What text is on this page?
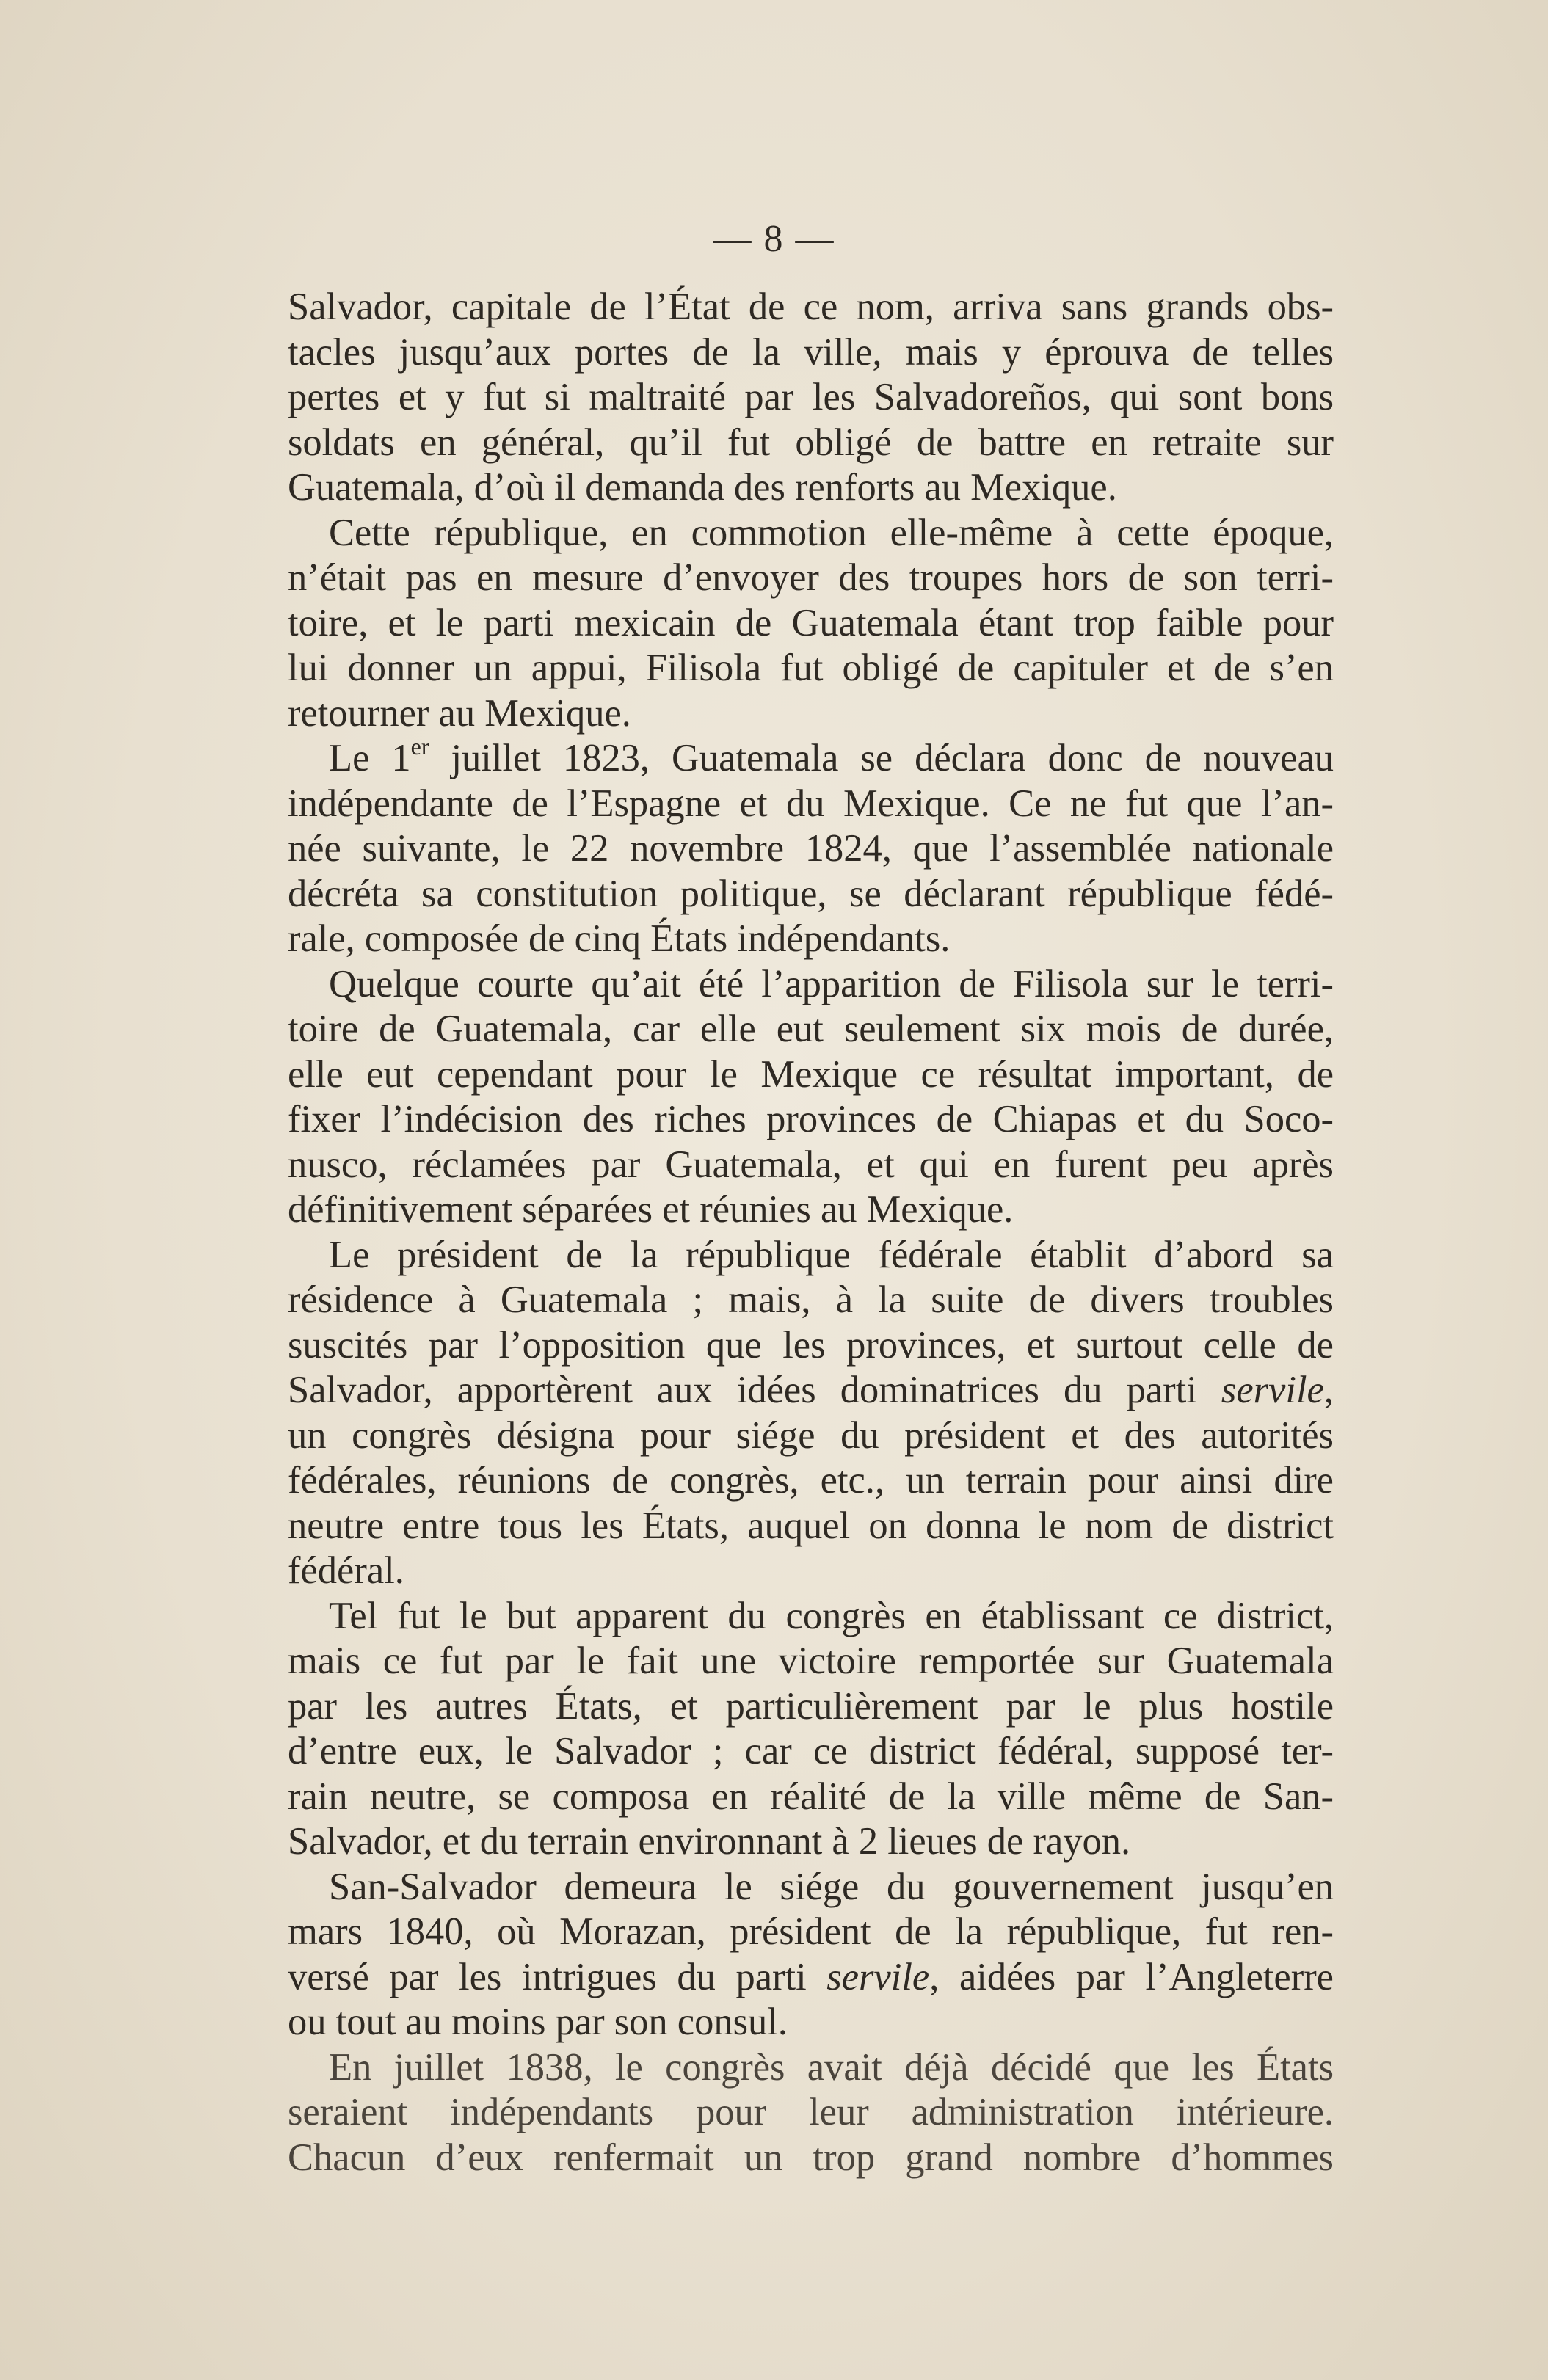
— 8 —
Salvador, capitale de l’État de ce nom, arriva sans grands obs-
tacles jusqu’aux portes de la ville, mais y éprouva de telles
pertes et y fut si maltraité par les Salvadoreños, qui sont bons
soldats en général, qu’il fut obligé de battre en retraite sur
Guatemala, d’où il demanda des renforts au Mexique.
Cette république, en commotion elle-même à cette époque,
n’était pas en mesure d’envoyer des troupes hors de son terri-
toire, et le parti mexicain de Guatemala étant trop faible pour
lui donner un appui, Filisola fut obligé de capituler et de s’en
retourner au Mexique.
Le 1er juillet 1823, Guatemala se déclara donc de nouveau
indépendante de l’Espagne et du Mexique. Ce ne fut que l’an-
née suivante, le 22 novembre 1824, que l’assemblée nationale
décréta sa constitution politique, se déclarant république fédé-
rale, composée de cinq États indépendants.
Quelque courte qu’ait été l’apparition de Filisola sur le terri-
toire de Guatemala, car elle eut seulement six mois de durée,
elle eut cependant pour le Mexique ce résultat important, de
fixer l’indécision des riches provinces de Chiapas et du Soco-
nusco, réclamées par Guatemala, et qui en furent peu après
définitivement séparées et réunies au Mexique.
Le président de la république fédérale établit d’abord sa
résidence à Guatemala ; mais, à la suite de divers troubles
suscités par l’opposition que les provinces, et surtout celle de
Salvador, apportèrent aux idées dominatrices du parti servile,
un congrès désigna pour siége du président et des autorités
fédérales, réunions de congrès, etc., un terrain pour ainsi dire
neutre entre tous les États, auquel on donna le nom de district
fédéral.
Tel fut le but apparent du congrès en établissant ce district,
mais ce fut par le fait une victoire remportée sur Guatemala
par les autres États, et particulièrement par le plus hostile
d’entre eux, le Salvador ; car ce district fédéral, supposé ter-
rain neutre, se composa en réalité de la ville même de San-
Salvador, et du terrain environnant à 2 lieues de rayon.
San-Salvador demeura le siége du gouvernement jusqu’en
mars 1840, où Morazan, président de la république, fut ren-
versé par les intrigues du parti servile, aidées par l’Angleterre
ou tout au moins par son consul.
En juillet 1838, le congrès avait déjà décidé que les États
seraient indépendants pour leur administration intérieure.
Chacun d’eux renfermait un trop grand nombre d’hommes
